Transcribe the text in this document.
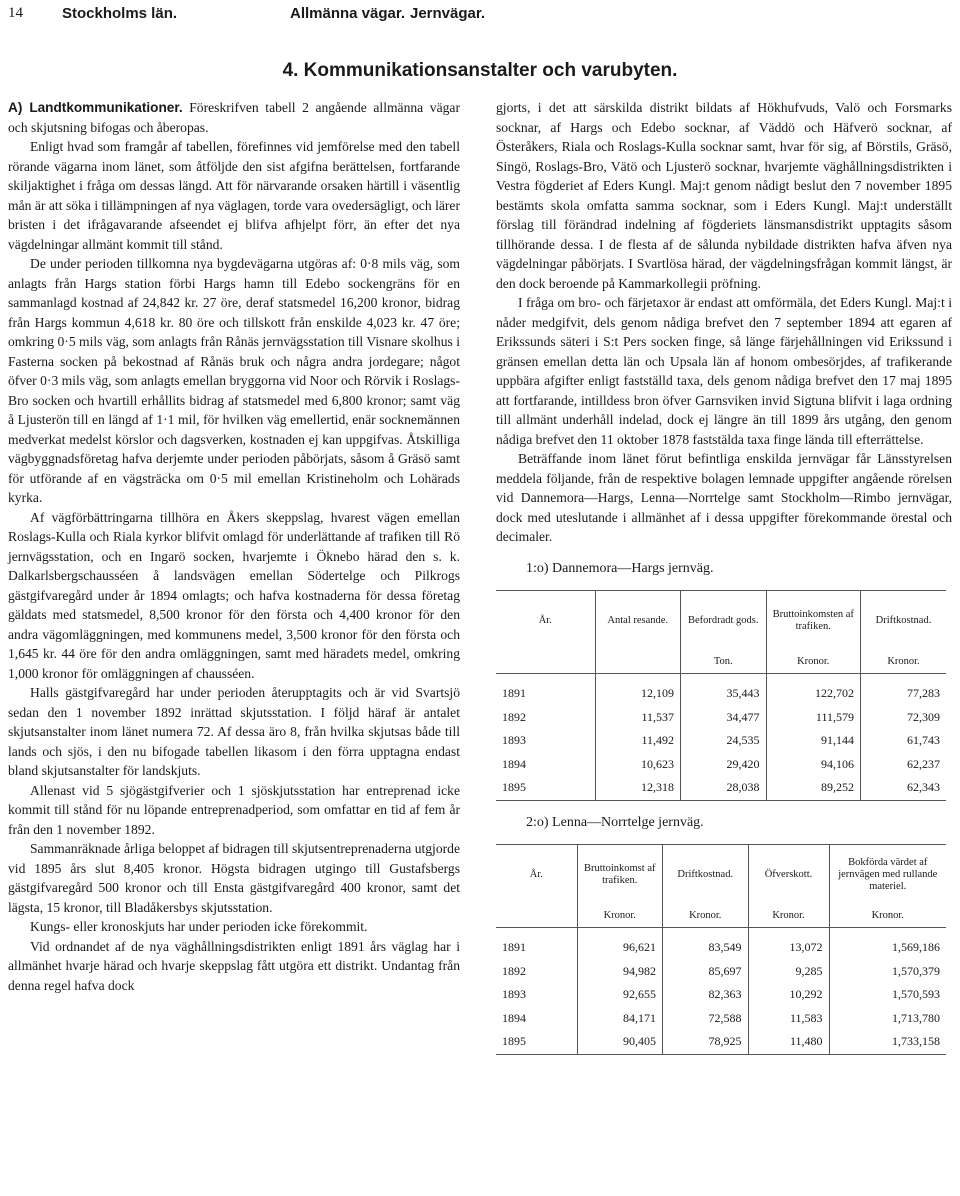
14	Stockholms län.	Allmänna vägar. Jernvägar.
4. Kommunikationsanstalter och varubyten.

A) Landtkommunikationer. Föreskrifven tabell 2 angående allmänna vägar och skjutsning bifogas och åberopas.

Enligt hvad som framgår af tabellen, förefinnes vid jemförelse med den tabell rörande vägarna inom länet, som åtföljde den sist afgifna berättelsen, fortfarande skiljaktighet i fråga om dessas längd. Att för närvarande orsaken härtill i väsentlig mån är att söka i tillämpningen af nya väglagen, torde vara ovedersägligt, och lärer bristen i det ifrågavarande afseendet ej blifva afhjelpt förr, än efter det nya vägdelningar allmänt kommit till stånd.

De under perioden tillkomna nya bygdevägarna utgöras af: 0·8 mils väg, som anlagts från Hargs station förbi Hargs hamn till Edebo sockengräns för en sammanlagd kostnad af 24,842 kr. 27 öre, deraf statsmedel 16,200 kronor, bidrag från Hargs kommun 4,618 kr. 80 öre och tillskott från enskilde 4,023 kr. 47 öre; omkring 0·5 mils väg, som anlagts från Rånäs jernvägsstation till Visnare skolhus i Fasterna socken på bekostnad af Rånäs bruk och några andra jordegare; något öfver 0·3 mils väg, som anlagts emellan bryggorna vid Noor och Rörvik i Roslags-Bro socken och hvartill erhållits bidrag af statsmedel med 6,800 kronor; samt väg å Ljusterön till en längd af 1·1 mil, för hvilken väg emellertid, enär socknemännen medverkat medelst körslor och dagsverken, kostnaden ej kan uppgifvas. Åtskilliga vägbyggnadsföretag hafva derjemte under perioden påbörjats, såsom å Gräsö samt för utförande af en vägsträcka om 0·5 mil emellan Kristineholm och Lohärads kyrka.

Af vägförbättringarna tillhöra en Åkers skeppslag, hvarest vägen emellan Roslags-Kulla och Riala kyrkor blifvit omlagd för underlättande af trafiken till Rö jernvägsstation, och en Ingarö socken, hvarjemte i Öknebo härad den s. k. Dalkarlsbergschausséen å landsvägen emellan Södertelge och Pilkrogs gästgifvaregård under år 1894 omlagts; och hafva kostnaderna för dessa företag gäldats med statsmedel, 8,500 kronor för den första och 4,400 kronor för den andra vägomläggningen, med kommunens medel, 3,500 kronor för den första och 1,645 kr. 44 öre för den andra omläggningen, samt med häradets medel, omkring 1,000 kronor för omläggningen af chausséen.

Halls gästgifvaregård har under perioden återupptagits och är vid Svartsjö sedan den 1 november 1892 inrättad skjutsstation. I följd häraf är antalet skjutsanstalter inom länet numera 72. Af dessa äro 8, från hvilka skjutsas både till lands och sjös, i den nu bifogade tabellen likasom i den förra upptagna endast bland skjutsanstalter för landskjuts.

Allenast vid 5 sjögästgifverier och 1 sjöskjutsstation har entreprenad icke kommit till stånd för nu löpande entreprenadperiod, som omfattar en tid af fem år från den 1 november 1892.

Sammanräknade årliga beloppet af bidragen till skjutsentreprenaderna utgjorde vid 1895 års slut 8,405 kronor. Högsta bidragen utgingo till Gustafsbergs gästgifvaregård 500 kronor och till Ensta gästgifvaregård 400 kronor, samt det lägsta, 15 kronor, till Bladåkersbys skjutsstation.

Kungs- eller kronoskjuts har under perioden icke förekommit.

Vid ordnandet af de nya väghållningsdistrikten enligt 1891 års väglag har i allmänhet hvarje härad och hvarje skeppslag fått utgöra ett distrikt. Undantag från denna regel hafva dock

gjorts, i det att särskilda distrikt bildats af Hökhufvuds, Valö och Forsmarks socknar, af Hargs och Edebo socknar, af Väddö och Häfverö socknar, af Österåkers, Riala och Roslags-Kulla socknar samt, hvar för sig, af Börstils, Gräsö, Singö, Roslags-Bro, Vätö och Ljusterö socknar, hvarjemte väghållningsdistrikten i Vestra fögderiet af Eders Kungl. Maj:t genom nådigt beslut den 7 november 1895 bestämts skola omfatta samma socknar, som i Eders Kungl. Maj:t underställt förslag till förändrad indelning af fögderiets länsmansdistrikt upptagits såsom tillhörande dessa. I de flesta af de sålunda nybildade distrikten hafva äfven nya vägdelningar påbörjats. I Svartlösa härad, der vägdelningsfrågan kommit längst, är den dock beroende på Kammarkollegii pröfning.

I fråga om bro- och färjetaxor är endast att omförmäla, det Eders Kungl. Maj:t i nåder medgifvit, dels genom nådiga brefvet den 7 september 1894 att egaren af Erikssunds säteri i S:t Pers socken finge, så länge färjehållningen vid Erikssund i gränsen emellan detta län och Upsala län af honom ombesörjdes, af trafikerande uppbära afgifter enligt fastställd taxa, dels genom nådiga brefvet den 17 maj 1895 att fortfarande, intilldess bron öfver Garnsviken invid Sigtuna blifvit i laga ordning till allmänt underhåll indelad, dock ej längre än till 1899 års utgång, den genom nådiga brefvet den 11 oktober 1878 faststälda taxa finge lända till efterrättelse.

Beträffande inom länet förut befintliga enskilda jernvägar får Länsstyrelsen meddela följande, från de respektive bolagen lemnade uppgifter angående rörelsen vid Dannemora—Hargs, Lenna—Norrtelge samt Stockholm—Rimbo jernvägar, dock med uteslutande i allmänhet af i dessa uppgifter förekommande örestal och decimaler.

1:o) Dannemora—Hargs jernväg.
År.	Antal resande.	Befordradt gods.	Bruttoinkomsten af trafiken.	Driftkostnad.
		Ton.	Kronor.	Kronor.
1891	12,109	35,443	122,702	77,283
1892	11,537	34,477	111,579	72,309
1893	11,492	24,535	91,144	61,743
1894	10,623	29,420	94,106	62,237
1895	12,318	28,038	89,252	62,343
2:o) Lenna—Norrtelge jernväg.
År.	Bruttoinkomst af trafiken.	Driftkostnad.	Öfverskott.	Bokförda värdet af jernvägen med rullande materiel.
	Kronor.	Kronor.	Kronor.	Kronor.
1891	96,621	83,549	13,072	1,569,186
1892	94,982	85,697	9,285	1,570,379
1893	92,655	82,363	10,292	1,570,593
1894	84,171	72,588	11,583	1,713,780
1895	90,405	78,925	11,480	1,733,158
